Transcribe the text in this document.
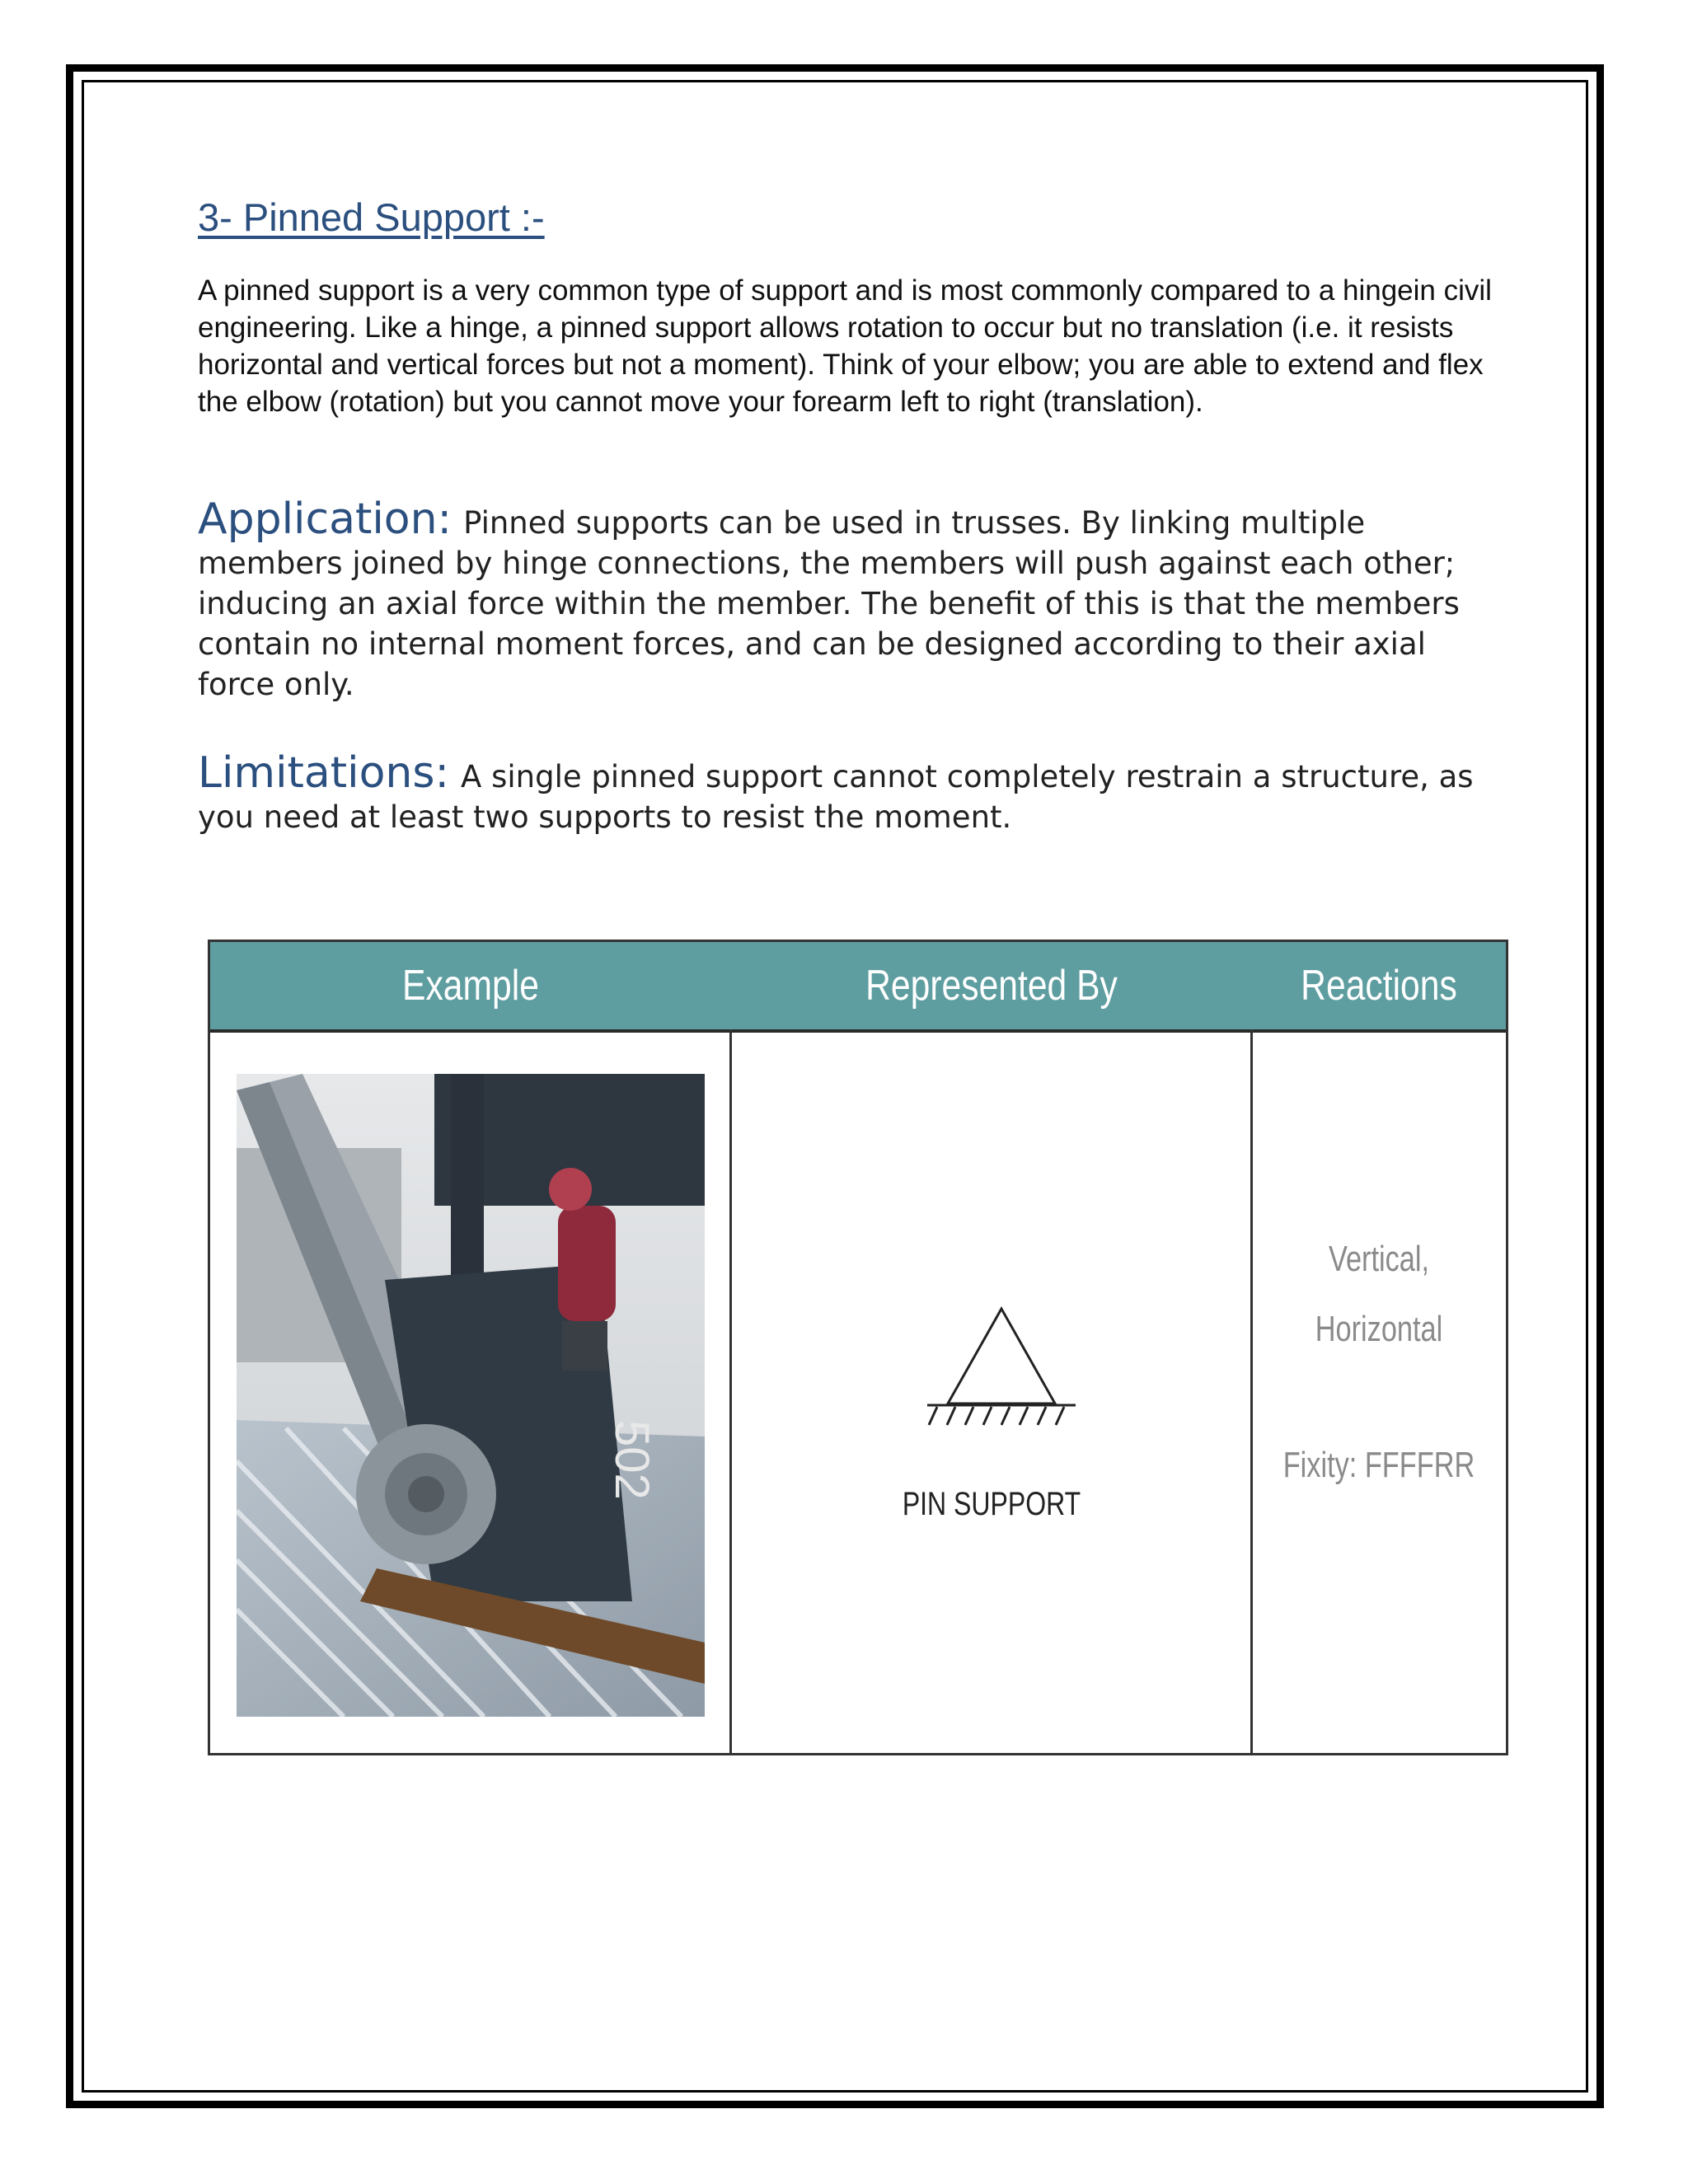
3- Pinned Support :-

A pinned support is a very common type of support and is most commonly compared to a hingein civil engineering. Like a hinge, a pinned support allows rotation to occur but no translation (i.e. it resists horizontal and vertical forces but not a moment). Think of your elbow; you are able to extend and flex the elbow (rotation) but you cannot move your forearm left to right (translation).

Application: Pinned supports can be used in trusses. By linking multiple members joined by hinge connections, the members will push against each other; inducing an axial force within the member. The benefit of this is that the members contain no internal moment forces, and can be designed according to their axial force only.
Limitations: A single pinned support cannot completely restrain a structure, as you need at least two supports to resist the moment.
Example	Represented By	Reactions
502
PIN SUPPORT
Vertical,
Horizontal
Fixity: FFFFRR
